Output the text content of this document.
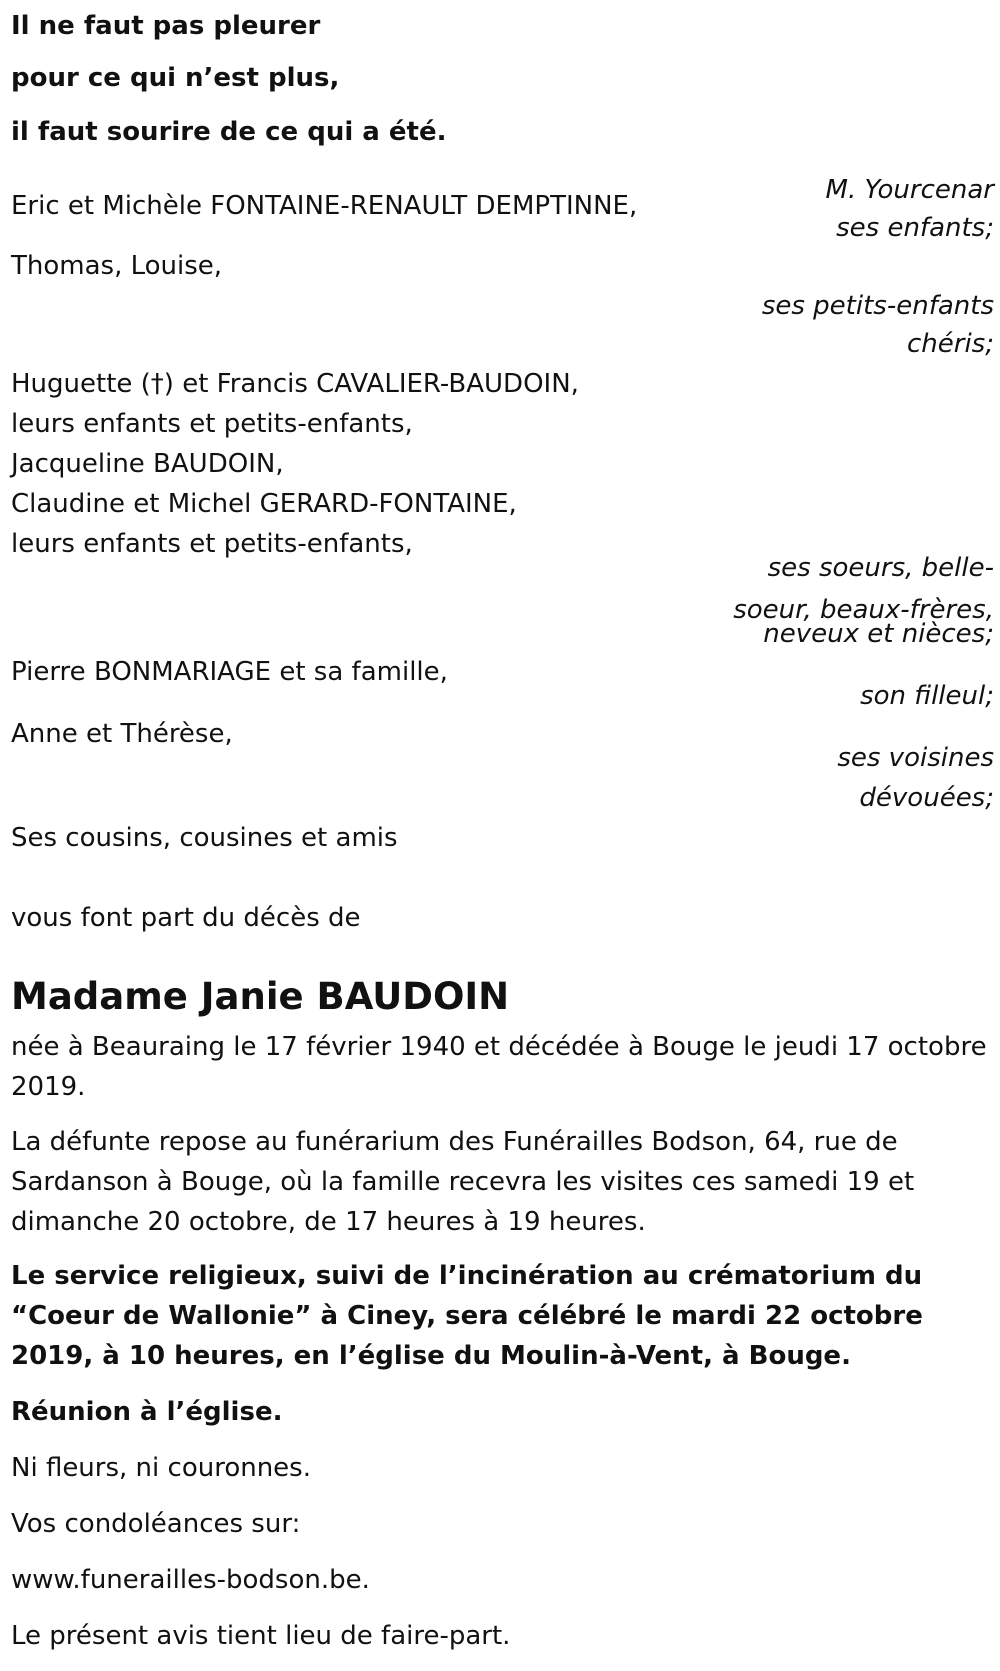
Il ne faut pas pleurer
pour ce qui n’est plus,
il faut sourire de ce qui a été.
M. Yourcenar
Eric et Michèle FONTAINE-RENAULT DEMPTINNE,
ses enfants;
Thomas, Louise,
ses petits-enfants
chéris;
Huguette (†) et Francis CAVALIER-BAUDOIN,
leurs enfants et petits-enfants,
Jacqueline BAUDOIN,
Claudine et Michel GERARD-FONTAINE,
leurs enfants et petits-enfants,
ses soeurs, belle-
soeur, beaux-frères,
neveux et nièces;
Pierre BONMARIAGE et sa famille,
son filleul;
Anne et Thérèse,
ses voisines
dévouées;
Ses cousins, cousines et amis
vous font part du décès de
Madame Janie BAUDOIN
née à Beauraing le 17 février 1940 et décédée à Bouge le jeudi 17 octobre 2019.
La défunte repose au funérarium des Funérailles Bodson, 64, rue de Sardanson à Bouge, où la famille recevra les visites ces samedi 19 et dimanche 20 octobre, de 17 heures à 19 heures.
Le service religieux, suivi de l’incinération au crématorium du “Coeur de Wallonie” à Ciney, sera célébré le mardi 22 octobre 2019, à 10 heures, en l’église du Moulin-à-Vent, à Bouge.
Réunion à l’église.
Ni fleurs, ni couronnes.
Vos condoléances sur:
www.funerailles-bodson.be.
Le présent avis tient lieu de faire-part.
